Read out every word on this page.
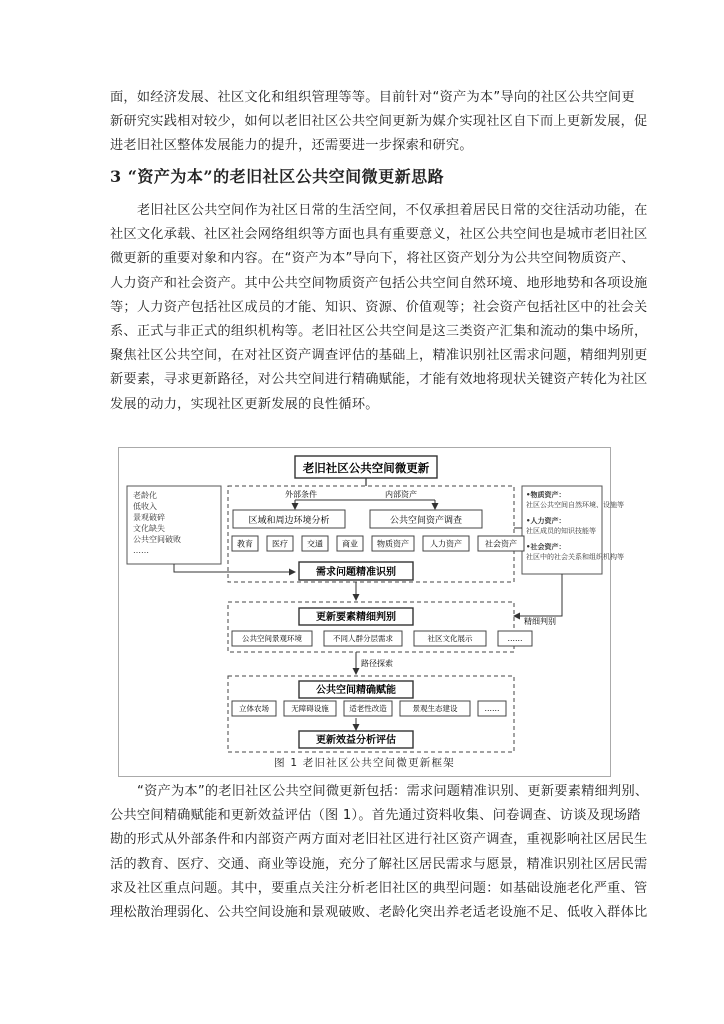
面，如经济发展、社区文化和组织管理等等。目前针对“资产为本”导向的社区公共空间更
新研究实践相对较少，如何以老旧社区公共空间更新为媒介实现社区自下而上更新发展，促
进老旧社区整体发展能力的提升，还需要进一步探索和研究。
3 “资产为本”的老旧社区公共空间微更新思路
老旧社区公共空间作为社区日常的生活空间，不仅承担着居民日常的交往活动功能，在
社区文化承载、社区社会网络组织等方面也具有重要意义，社区公共空间也是城市老旧社区
微更新的重要对象和内容。在“资产为本”导向下，将社区资产划分为公共空间物质资产、
人力资产和社会资产。其中公共空间物质资产包括公共空间自然环境、地形地势和各项设施
等；人力资产包括社区成员的才能、知识、资源、价值观等；社会资产包括社区中的社会关
系、正式与非正式的组织机构等。老旧社区公共空间是这三类资产汇集和流动的集中场所，
聚焦社区公共空间，在对社区资产调查评估的基础上，精准识别社区需求问题，精细判别更
新要素，寻求更新路径，对公共空间进行精确赋能，才能有效地将现状关键资产转化为社区
发展的动力，实现社区更新发展的良性循环。
老旧社区公共空间微更新
老龄化
低收入
景观破碎
文化缺失
公共空间破败
……
•物质资产：
社区公共空间自然环境、设施等
•人力资产：
社区成员的知识技能等
•社会资产：
社区中的社会关系和组织机构等
外部条件	内部资产
区域和周边环境分析	公共空间资产调查
教育 医疗 交通 商业 物质资产	人力资产	社会资产
需求问题精准识别
精细判别
更新要素精细判别
公共空间景观环境	不同人群分层需求	社区文化展示	……
路径探索
公共空间精确赋能
立体农场	无障碍设施	适老性改造	景观生态建设	……
更新效益分析评估
图 1 老旧社区公共空间微更新框架
“资产为本”的老旧社区公共空间微更新包括：需求问题精准识别、更新要素精细判别、
公共空间精确赋能和更新效益评估（图 1）。首先通过资料收集、问卷调查、访谈及现场踏
勘的形式从外部条件和内部资产两方面对老旧社区进行社区资产调查，重视影响社区居民生
活的教育、医疗、交通、商业等设施，充分了解社区居民需求与愿景，精准识别社区居民需
求及社区重点问题。其中，要重点关注分析老旧社区的典型问题：如基础设施老化严重、管
理松散治理弱化、公共空间设施和景观破败、老龄化突出养老适老设施不足、低收入群体比
